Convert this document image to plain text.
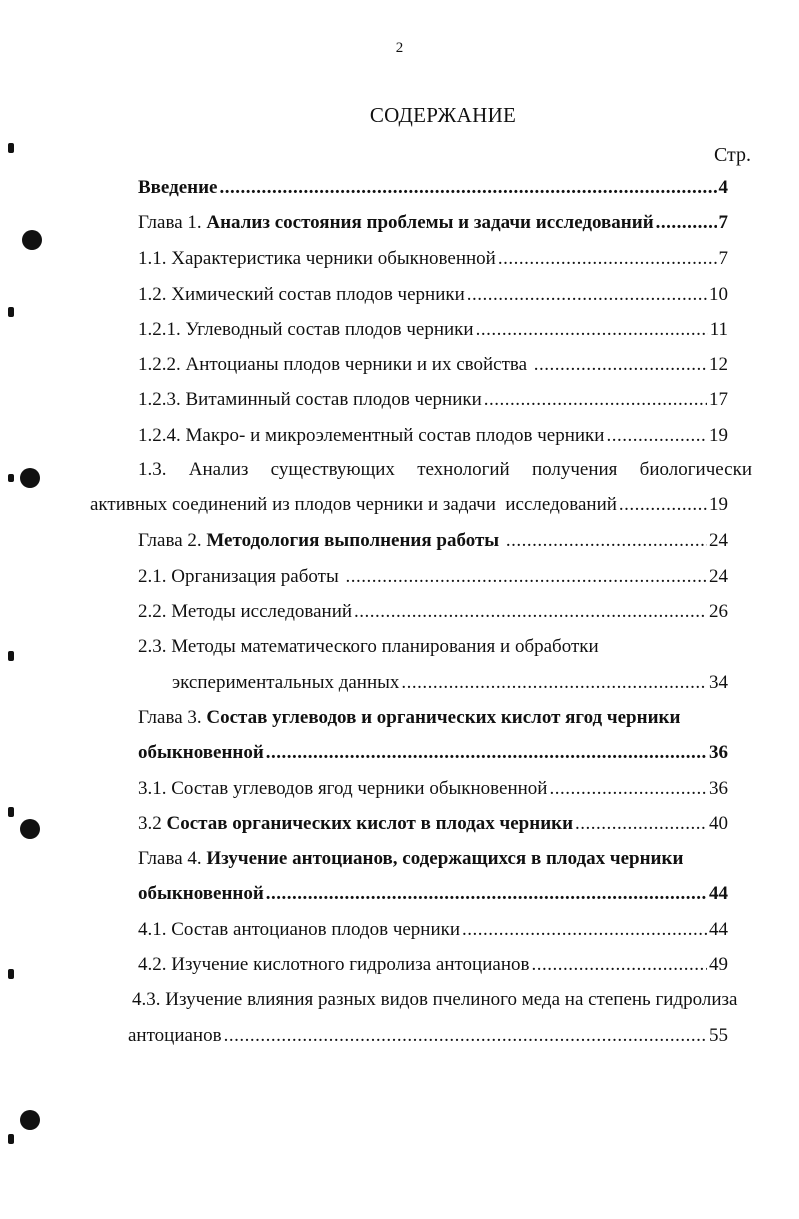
2
СОДЕРЖАНИЕ
Стр.
Введение .....	4
Глава 1. Анализ состояния проблемы и задачи исследований .....	7
1.1. Характеристика черники обыкновенной .....	7
1.2. Химический состав плодов черники .....	10
1.2.1. Углеводный состав плодов черники .....	11
1.2.2. Антоцианы плодов черники и их свойства .....	12
1.2.3. Витаминный состав плодов черники .....	17
1.2.4. Макро- и микроэлементный состав плодов черники .....	19
1.3. Анализ существующих технологий получения биологически
активных соединений из плодов черники и задачи  исследований .....	19
Глава 2. Методология выполнения работы .....	24
2.1. Организация работы .....	24
2.2. Методы исследований .....	26
2.3. Методы математического планирования и обработки
экспериментальных данных .....	34
Глава 3. Состав углеводов и органических кислот ягод черники
обыкновенной .....	36
3.1. Состав углеводов ягод черники обыкновенной .....	36
3.2 Состав органических кислот в плодах черники .....	40
Глава 4. Изучение антоцианов, содержащихся в плодах черники
обыкновенной .....	44
4.1. Состав антоцианов плодов черники .....	44
4.2. Изучение кислотного гидролиза антоцианов .....	49
4.3. Изучение влияния разных видов пчелиного меда на степень гидролиза
антоцианов .....	55
